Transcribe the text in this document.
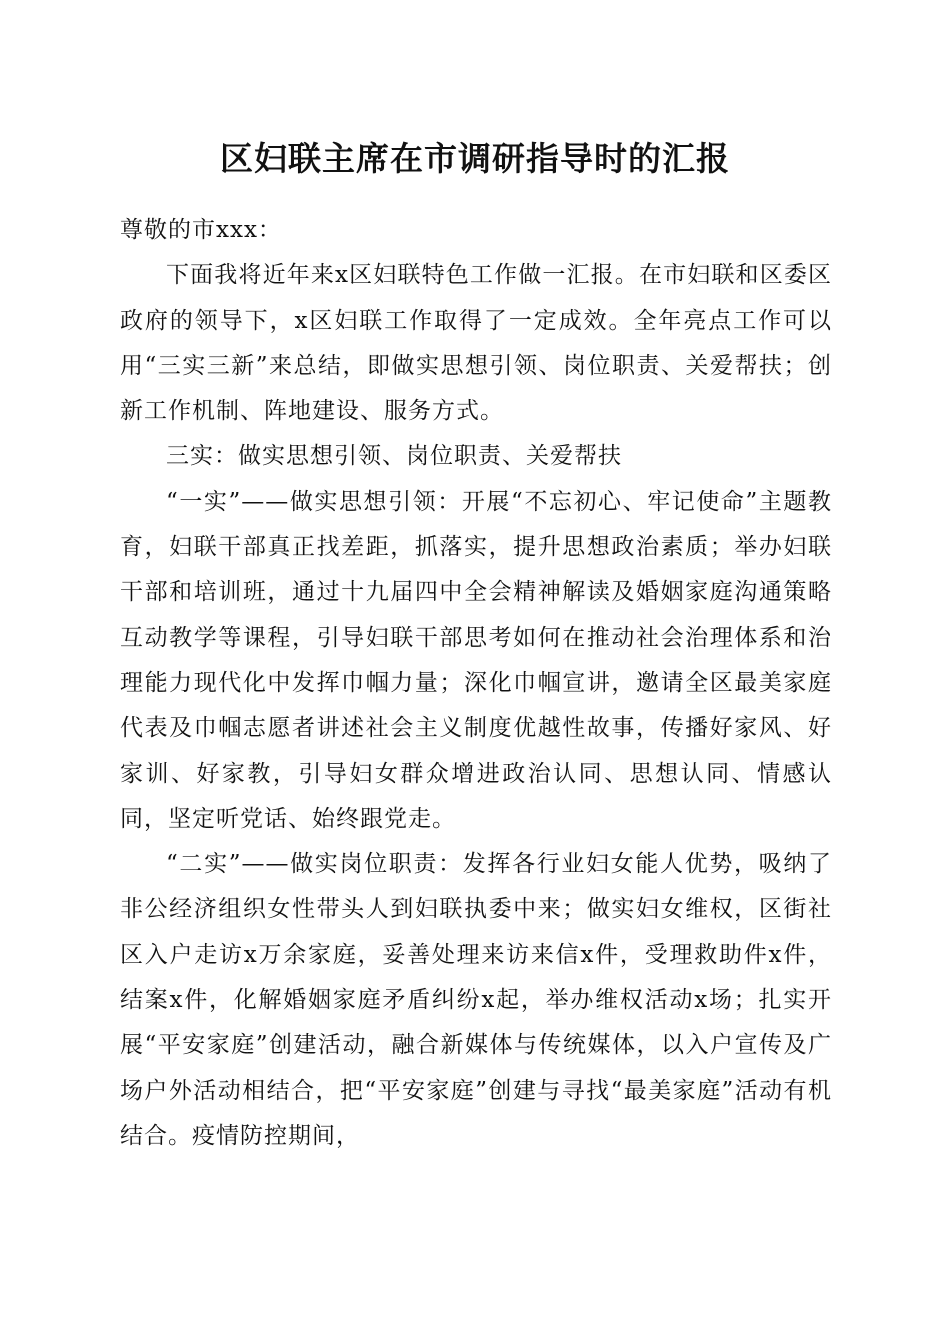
区妇联主席在市调研指导时的汇报

尊敬的市xxx：

下面我将近年来x区妇联特色工作做一汇报。在市妇联和区委区政府的领导下，x区妇联工作取得了一定成效。全年亮点工作可以用“三实三新”来总结，即做实思想引领、岗位职责、关爱帮扶；创新工作机制、阵地建设、服务方式。

三实：做实思想引领、岗位职责、关爱帮扶

“一实”——做实思想引领：开展“不忘初心、牢记使命”主题教育，妇联干部真正找差距，抓落实，提升思想政治素质；举办妇联干部和培训班，通过十九届四中全会精神解读及婚姻家庭沟通策略互动教学等课程，引导妇联干部思考如何在推动社会治理体系和治理能力现代化中发挥巾帼力量；深化巾帼宣讲，邀请全区最美家庭代表及巾帼志愿者讲述社会主义制度优越性故事，传播好家风、好家训、好家教，引导妇女群众增进政治认同、思想认同、情感认同，坚定听党话、始终跟党走。

“二实”——做实岗位职责：发挥各行业妇女能人优势，吸纳了非公经济组织女性带头人到妇联执委中来；做实妇女维权，区街社区入户走访x万余家庭，妥善处理来访来信x件，受理救助件x件，结案x件，化解婚姻家庭矛盾纠纷x起，举办维权活动x场；扎实开展“平安家庭”创建活动，融合新媒体与传统媒体，以入户宣传及广场户外活动相结合，把“平安家庭”创建与寻找“最美家庭”活动有机结合。疫情防控期间，
